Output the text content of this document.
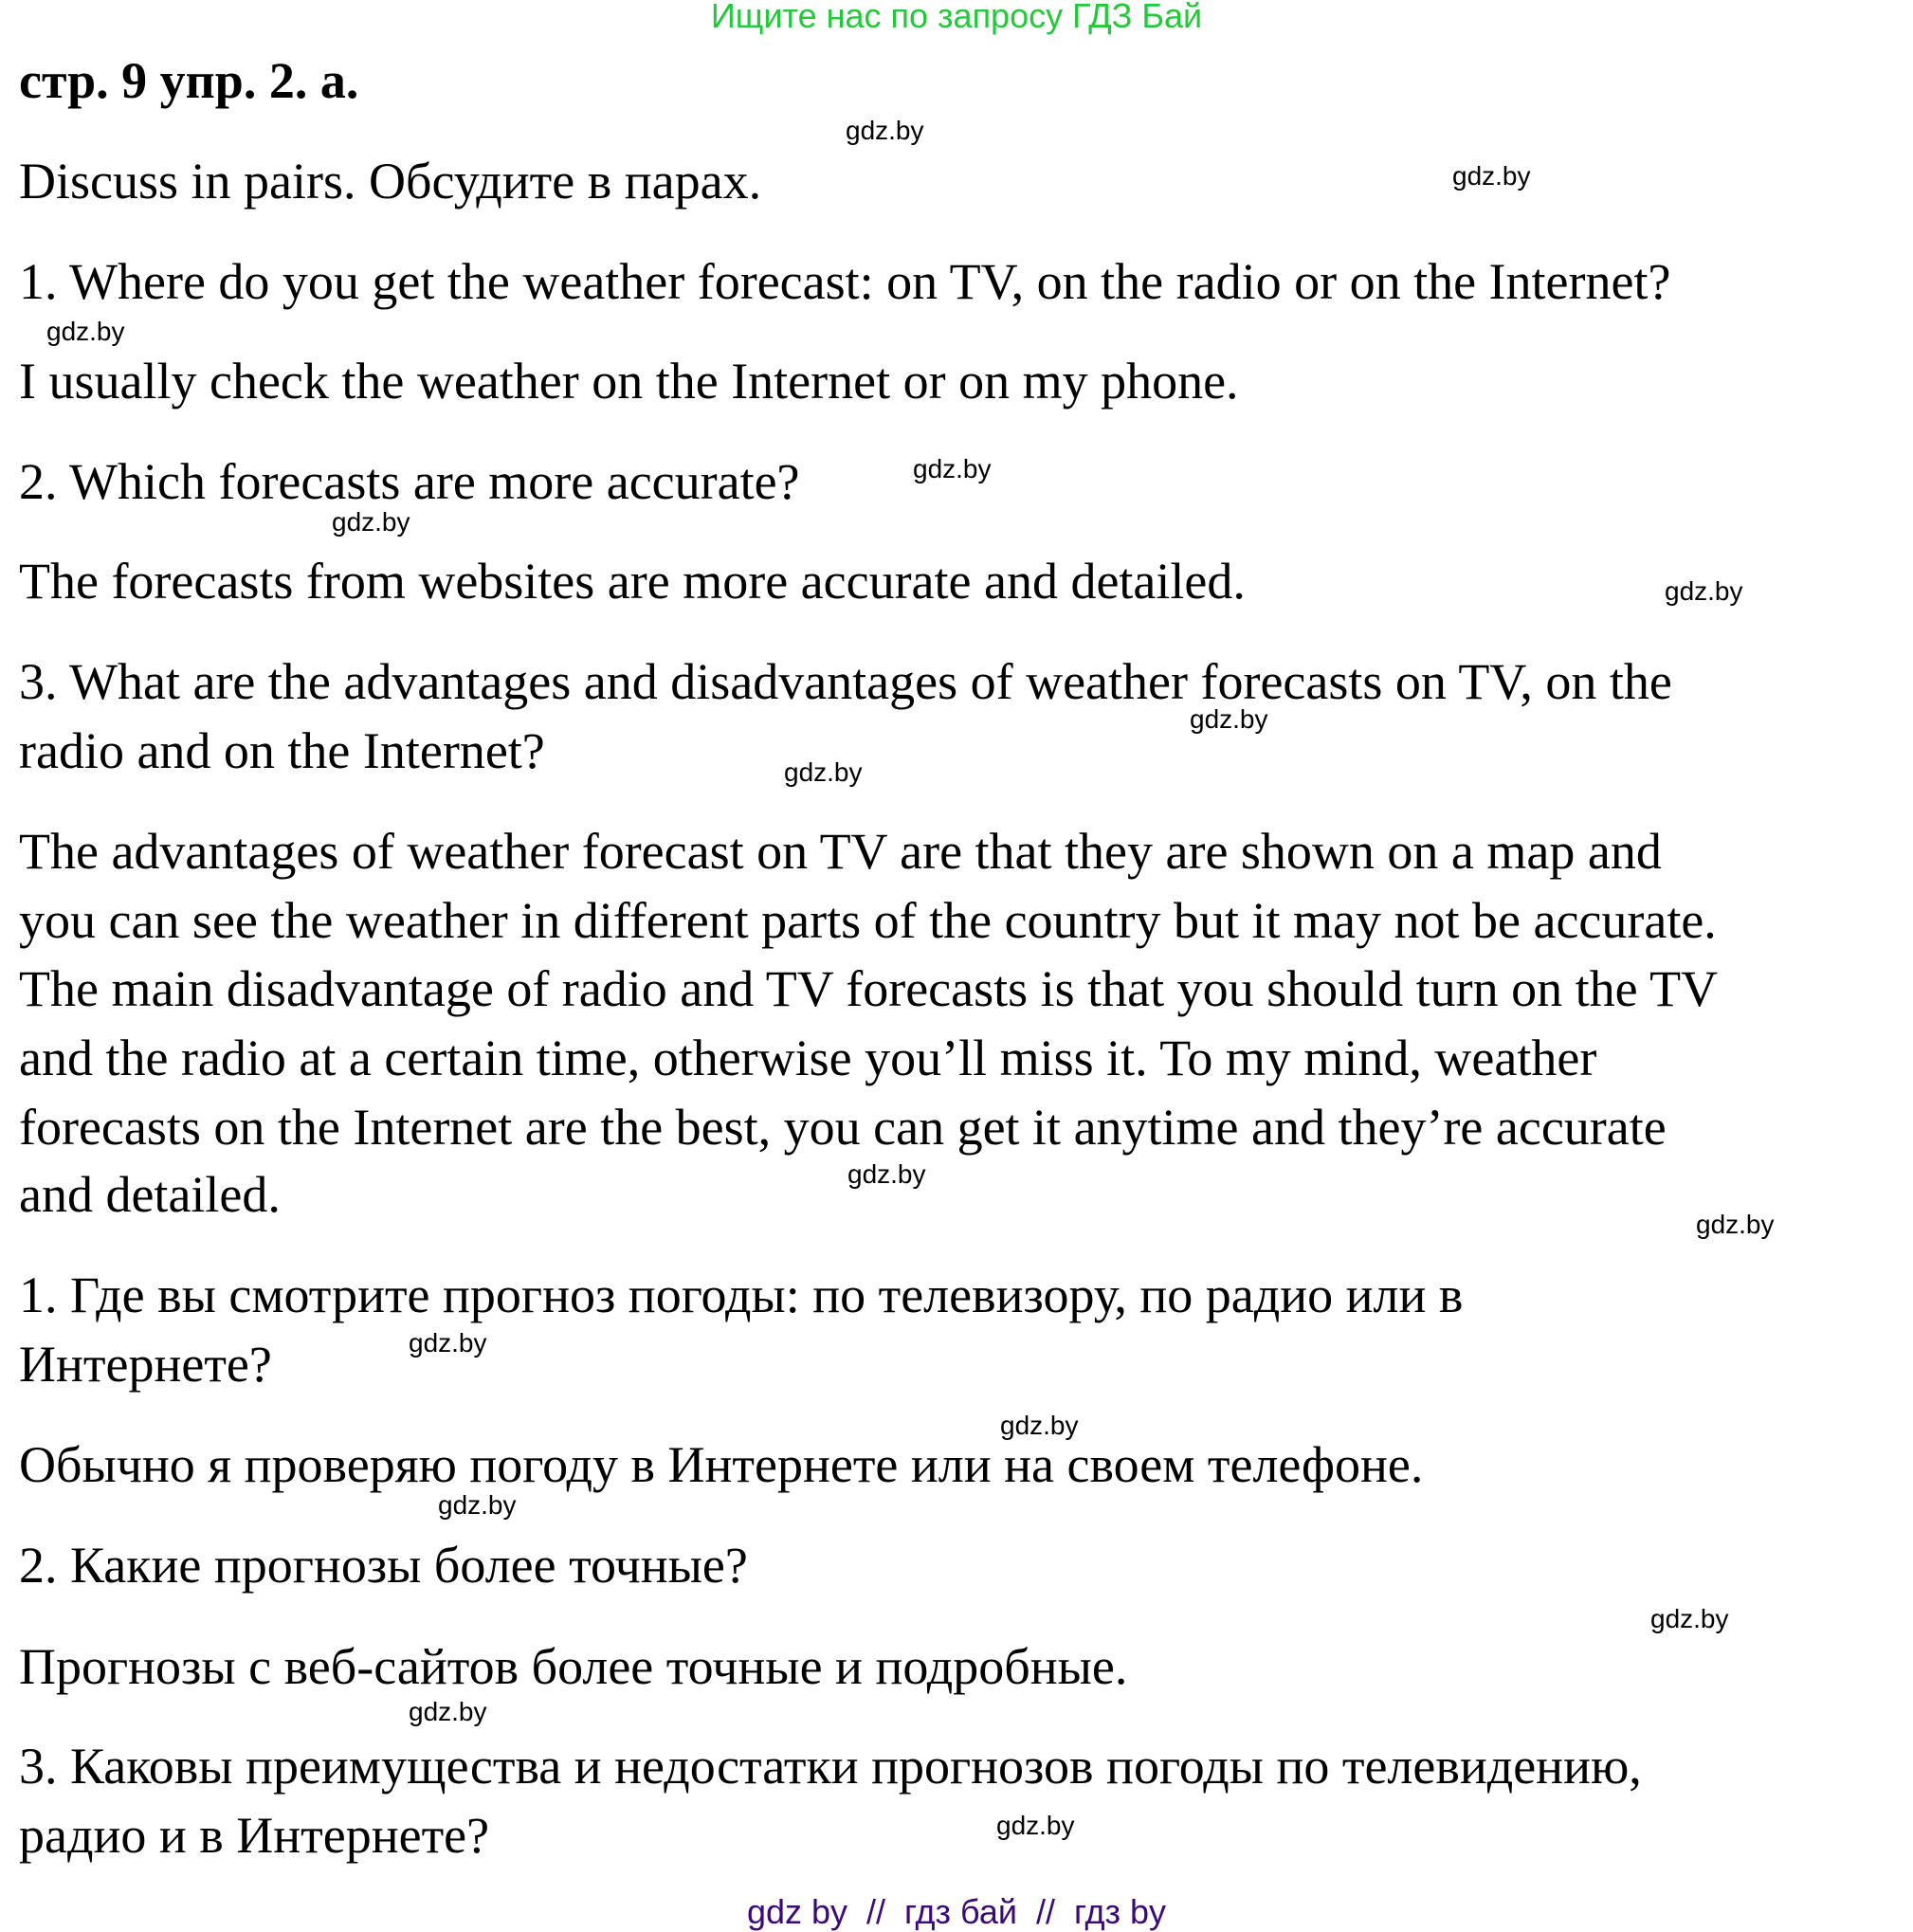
Ищите нас по запросу ГДЗ Бай
стр. 9 упр. 2. a.
Discuss in pairs. Обсудите в парах.
1. Where do you get the weather forecast: on TV, on the radio or on the Internet?
I usually check the weather on the Internet or on my phone.
2. Which forecasts are more accurate?
The forecasts from websites are more accurate and detailed.
3. What are the advantages and disadvantages of weather forecasts on TV, on the
radio and on the Internet?
The advantages of weather forecast on TV are that they are shown on a map and
you can see the weather in different parts of the country but it may not be accurate.
The main disadvantage of radio and TV forecasts is that you should turn on the TV
and the radio at a certain time, otherwise you’ll miss it. To my mind, weather
forecasts on the Internet are the best, you can get it anytime and they’re accurate
and detailed.
1. Где вы смотрите прогноз погоды: по телевизору, по радио или в
Интернете?
Обычно я проверяю погоду в Интернете или на своем телефоне.
2. Какие прогнозы более точные?
Прогнозы с веб-сайтов более точные и подробные.
3. Каковы преимущества и недостатки прогнозов погоды по телевидению,
радио и в Интернете?
gdz.by
gdz.by
gdz.by
gdz.by
gdz.by
gdz.by
gdz.by
gdz.by
gdz.by
gdz.by
gdz.by
gdz.by
gdz.by
gdz.by
gdz.by
gdz.by
gdz by  //  гдз бай  //  гдз by
